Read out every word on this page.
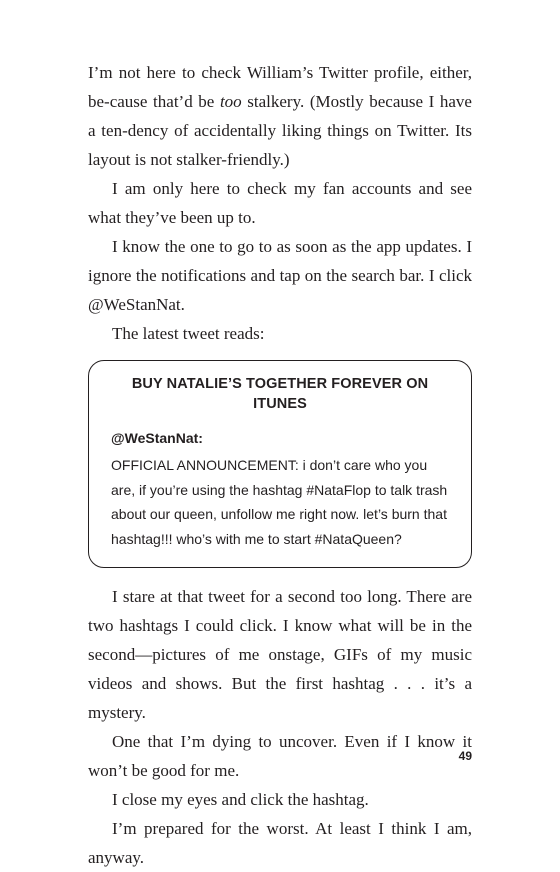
I’m not here to check William’s Twitter profile, either, be-cause that’d be too stalkery. (Mostly because I have a ten-dency of accidentally liking things on Twitter. Its layout is not stalker-friendly.)

I am only here to check my fan accounts and see what they’ve been up to.

I know the one to go to as soon as the app updates. I ignore the notifications and tap on the search bar. I click @WeStanNat.

The latest tweet reads:

BUY NATALIE’S TOGETHER FOREVER ON ITUNES

@WeStanNat:

OFFICIAL ANNOUNCEMENT: i don’t care who you are, if you’re using the hashtag #NataFlop to talk trash about our queen, unfollow me right now. let’s burn that hashtag!!! who’s with me to start #NataQueen?

I stare at that tweet for a second too long. There are two hashtags I could click. I know what will be in the second—pictures of me onstage, GIFs of my music videos and shows. But the first hashtag . . . it’s a mystery.

One that I’m dying to uncover. Even if I know it won’t be good for me.

I close my eyes and click the hashtag.

I’m prepared for the worst. At least I think I am, anyway.

49
